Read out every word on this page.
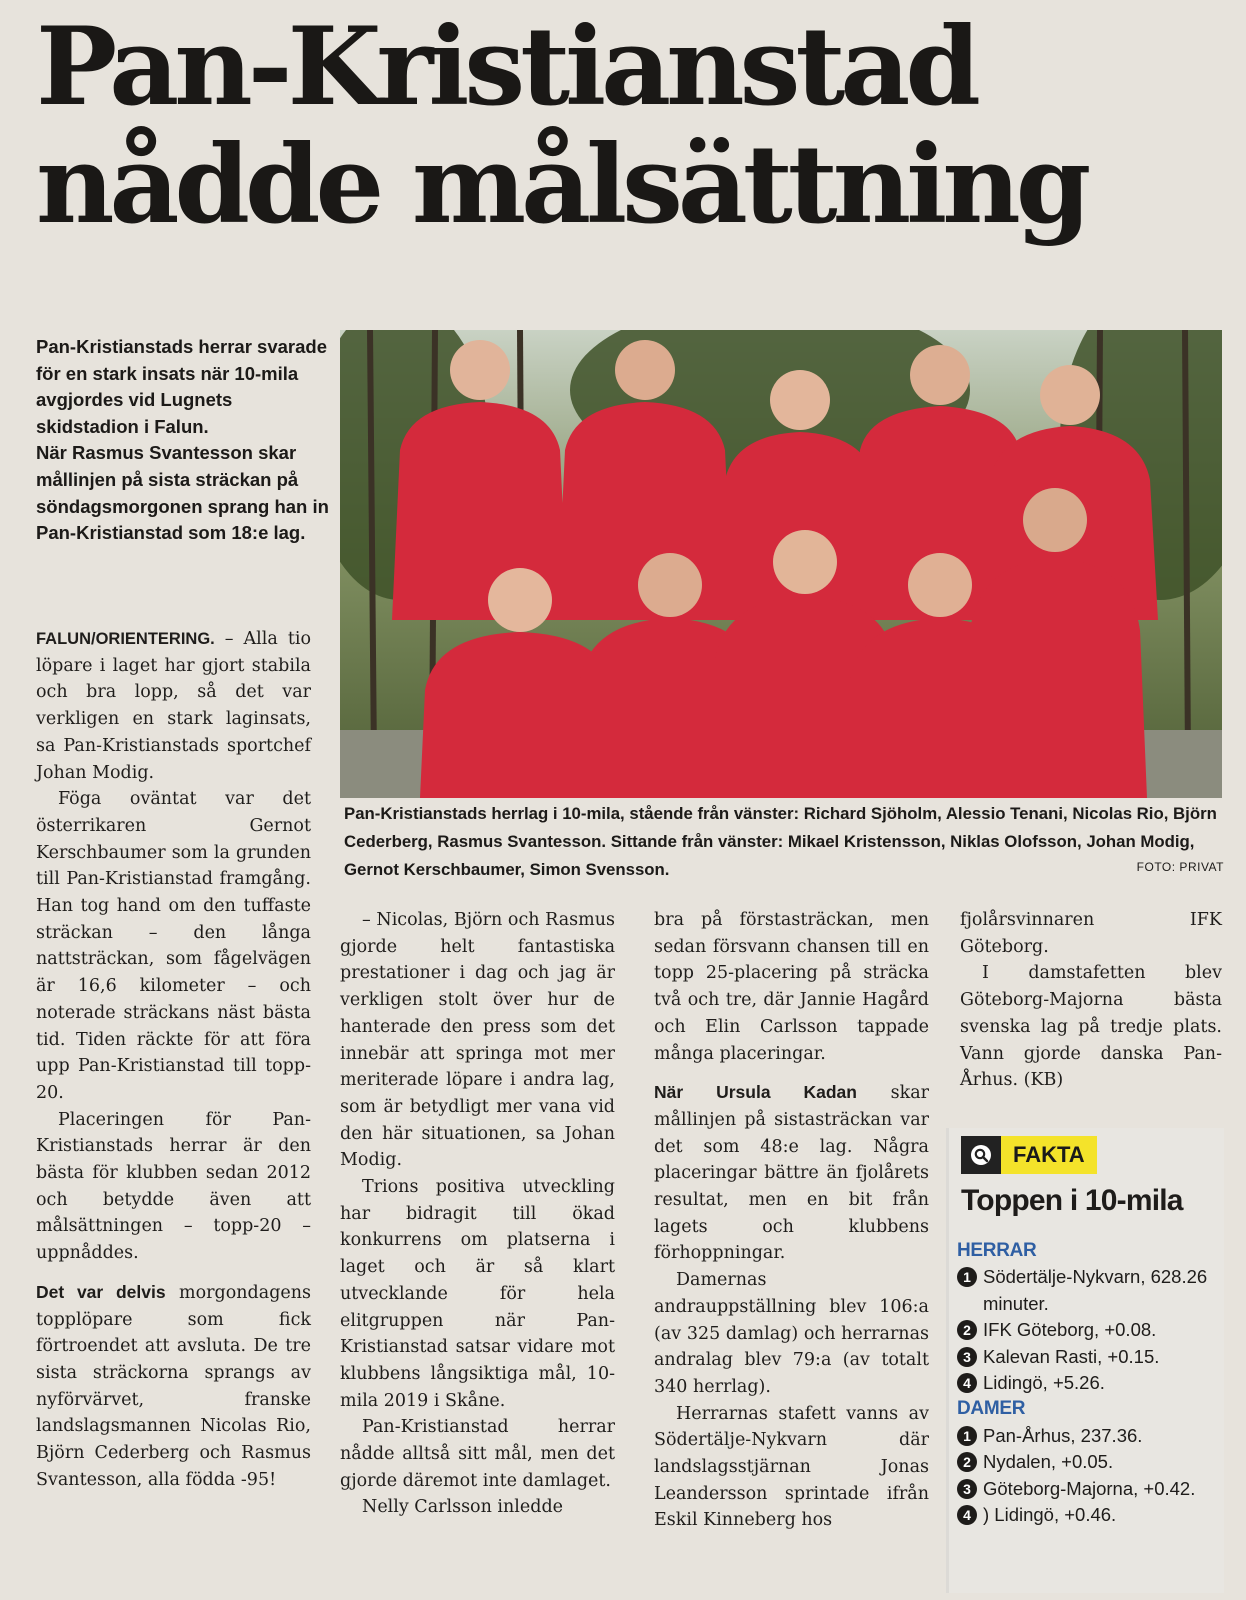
Pan-Kristianstad
nådde målsättning

Pan-Kristianstads herrar svarade för en stark insats när 10-mila avgjordes vid Lugnets skidstadion i Falun.

När Rasmus Svantesson skar mållinjen på sista sträckan på söndagsmorgonen sprang han in Pan-Kristianstad som 18:e lag.

Pan-Kristianstads herrlag i 10-mila, stående från vänster: Richard Sjöholm, Alessio Tenani, Nicolas Rio, Björn Cederberg, Rasmus Svantesson. Sittande från vänster: Mikael Kristensson, Niklas Olofsson, Johan Modig, Gernot Kerschbaumer, Simon Svensson.	FOTO: PRIVAT

FALUN/ORIENTERING. – Alla tio löpare i laget har gjort stabila och bra lopp, så det var verkligen en stark laginsats, sa Pan-Kristianstads sportchef Johan Modig.

Föga oväntat var det österrikaren Gernot Kerschbaumer som la grunden till Pan-Kristianstad framgång. Han tog hand om den tuffaste sträckan – den långa nattsträckan, som fågelvägen är 16,6 kilometer – och noterade sträckans näst bästa tid. Tiden räckte för att föra upp Pan-Kristianstad till topp-20.

Placeringen för Pan-Kristianstads herrar är den bästa för klubben sedan 2012 och betydde även att målsättningen – topp-20 – uppnåddes.

Det var delvis morgondagens topplöpare som fick förtroendet att avsluta. De tre sista sträckorna sprangs av nyförvärvet, franske landslagsmannen Nicolas Rio, Björn Cederberg och Rasmus Svantesson, alla födda -95!

– Nicolas, Björn och Rasmus gjorde helt fantastiska prestationer i dag och jag är verkligen stolt över hur de hanterade den press som det innebär att springa mot mer meriterade löpare i andra lag, som är betydligt mer vana vid den här situationen, sa Johan Modig.

Trions positiva utveckling har bidragit till ökad konkurrens om platserna i laget och är så klart utvecklande för hela elitgruppen när Pan-Kristianstad satsar vidare mot klubbens långsiktiga mål, 10-mila 2019 i Skåne.

Pan-Kristianstad herrar nådde alltså sitt mål, men det gjorde däremot inte damlaget.

Nelly Carlsson inledde

bra på förstasträckan, men sedan försvann chansen till en topp 25-placering på sträcka två och tre, där Jannie Hagård och Elin Carlsson tappade många placeringar.

När Ursula Kadan skar mållinjen på sistasträckan var det som 48:e lag. Några placeringar bättre än fjolårets resultat, men en bit från lagets och klubbens förhoppningar.

Damernas andrauppställning blev 106:a (av 325 damlag) och herrarnas andralag blev 79:a (av totalt 340 herrlag).

Herrarnas stafett vanns av Södertälje-Nykvarn där landslagsstjärnan Jonas Leandersson sprintade ifrån Eskil Kinneberg hos

fjolårsvinnaren IFK Göteborg.

I damstafetten blev Göteborg-Majorna bästa svenska lag på tredje plats. Vann gjorde danska Pan-Århus. (KB)

FAKTA
Toppen i 10-mila
HERRAR
1 Södertälje-Nykvarn, 628.26 minuter.
2 IFK Göteborg, +0.08.
3 Kalevan Rasti, +0.15.
4 Lidingö, +5.26.
DAMER
1 Pan-Århus, 237.36.
2 Nydalen, +0.05.
3 Göteborg-Majorna, +0.42.
4 ) Lidingö, +0.46.
